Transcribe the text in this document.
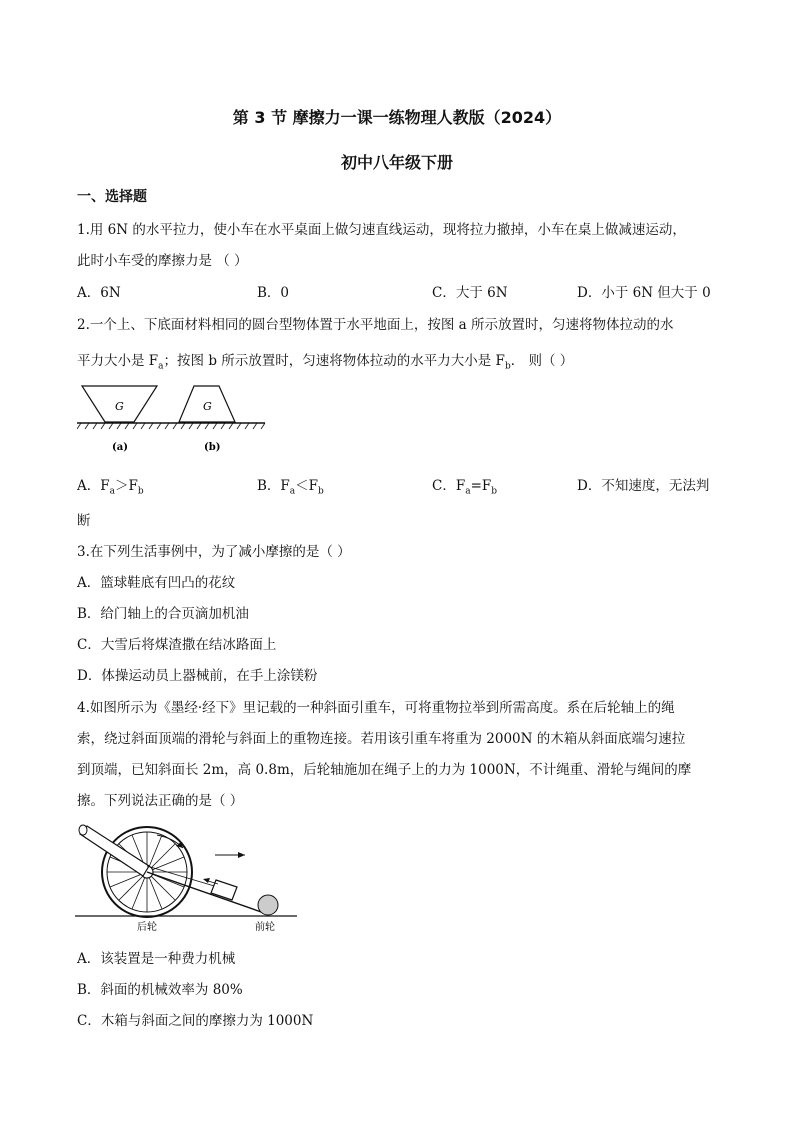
第 3 节 摩擦力一课一练物理人教版（2024）
初中八年级下册
一、选择题
1.用 6N 的水平拉力，使小车在水平桌面上做匀速直线运动，现将拉力撤掉，小车在桌上做减速运动，
此时小车受的摩擦力是 （ ）
A．6N	B．0	C．大于 6N	D．小于 6N 但大于 0
2.一个上、下底面材料相同的圆台型物体置于水平地面上，按图 a 所示放置时，匀速将物体拉动的水
平力大小是 $F_a$；按图 b 所示放置时，匀速将物体拉动的水平力大小是 $F_b$． 则（ ）
G	G
(a)	(b)
A．$F_a>F_b$	B．$F_a<F_b$	C．$F_a=F_b$	D．不知速度，无法判
断
3.在下列生活事例中，为了减小摩擦的是（ ）
A．篮球鞋底有凹凸的花纹
B．给门轴上的合页滴加机油
C．大雪后将煤渣撒在结冰路面上
D．体操运动员上器械前，在手上涂镁粉
4.如图所示为《墨经·经下》里记载的一种斜面引重车，可将重物拉举到所需高度。系在后轮轴上的绳
索，绕过斜面顶端的滑轮与斜面上的重物连接。若用该引重车将重为 2000N 的木箱从斜面底端匀速拉
到顶端，已知斜面长 2m，高 0.8m，后轮轴施加在绳子上的力为 1000N，不计绳重、滑轮与绳间的摩
擦。下列说法正确的是（ ）
后轮	前轮
A．该装置是一种费力机械
B．斜面的机械效率为 80%
C．木箱与斜面之间的摩擦力为 1000N
